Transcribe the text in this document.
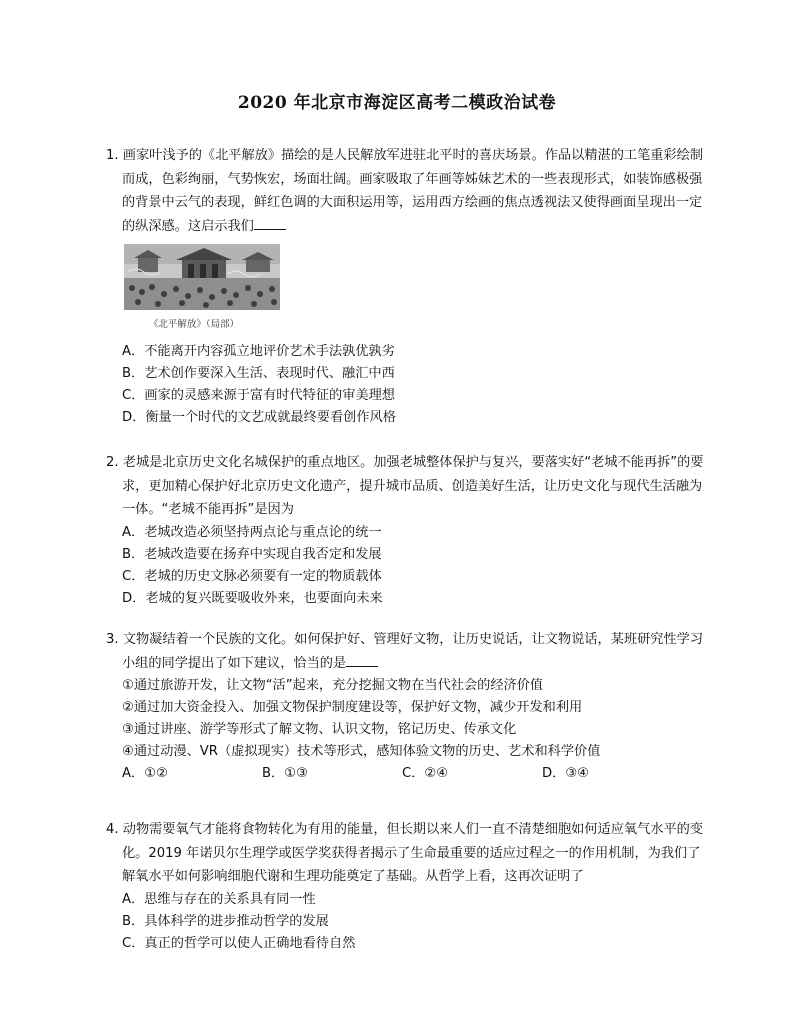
2020 年北京市海淀区高考二模政治试卷

1. 画家叶浅予的《北平解放》描绘的是人民解放军进驻北平时的喜庆场景。作品以精湛的工笔重彩绘制而成，色彩绚丽，气势恢宏，场面壮阔。画家吸取了年画等姊妹艺术的一些表现形式，如装饰感极强的背景中云气的表现，鲜红色调的大面积运用等，运用西方绘画的焦点透视法又使得画面呈现出一定的纵深感。这启示我们

《北平解放》（局部）

A．不能离开内容孤立地评价艺术手法孰优孰劣

B．艺术创作要深入生活、表现时代、融汇中西

C．画家的灵感来源于富有时代特征的审美理想

D．衡量一个时代的文艺成就最终要看创作风格

2. 老城是北京历史文化名城保护的重点地区。加强老城整体保护与复兴，要落实好“老城不能再拆”的要求，更加精心保护好北京历史文化遗产，提升城市品质、创造美好生活，让历史文化与现代生活融为一体。“老城不能再拆”是因为

A．老城改造必须坚持两点论与重点论的统一

B．老城改造要在扬弃中实现自我否定和发展

C．老城的历史文脉必须要有一定的物质载体

D．老城的复兴既要吸收外来，也要面向未来

3. 文物凝结着一个民族的文化。如何保护好、管理好文物，让历史说话，让文物说话，某班研究性学习小组的同学提出了如下建议，恰当的是

①通过旅游开发，让文物“活”起来，充分挖掘文物在当代社会的经济价值

②通过加大资金投入、加强文物保护制度建设等，保护好文物，减少开发和利用

③通过讲座、游学等形式了解文物、认识文物，铭记历史、传承文化

④通过动漫、VR（虚拟现实）技术等形式，感知体验文物的历史、艺术和科学价值

A．①②	B．①③	C．②④	D．③④

4. 动物需要氧气才能将食物转化为有用的能量，但长期以来人们一直不清楚细胞如何适应氧气水平的变化。2019 年诺贝尔生理学或医学奖获得者揭示了生命最重要的适应过程之一的作用机制，为我们了解氧水平如何影响细胞代谢和生理功能奠定了基础。从哲学上看，这再次证明了

A．思维与存在的关系具有同一性

B．具体科学的进步推动哲学的发展

C．真正的哲学可以使人正确地看待自然
